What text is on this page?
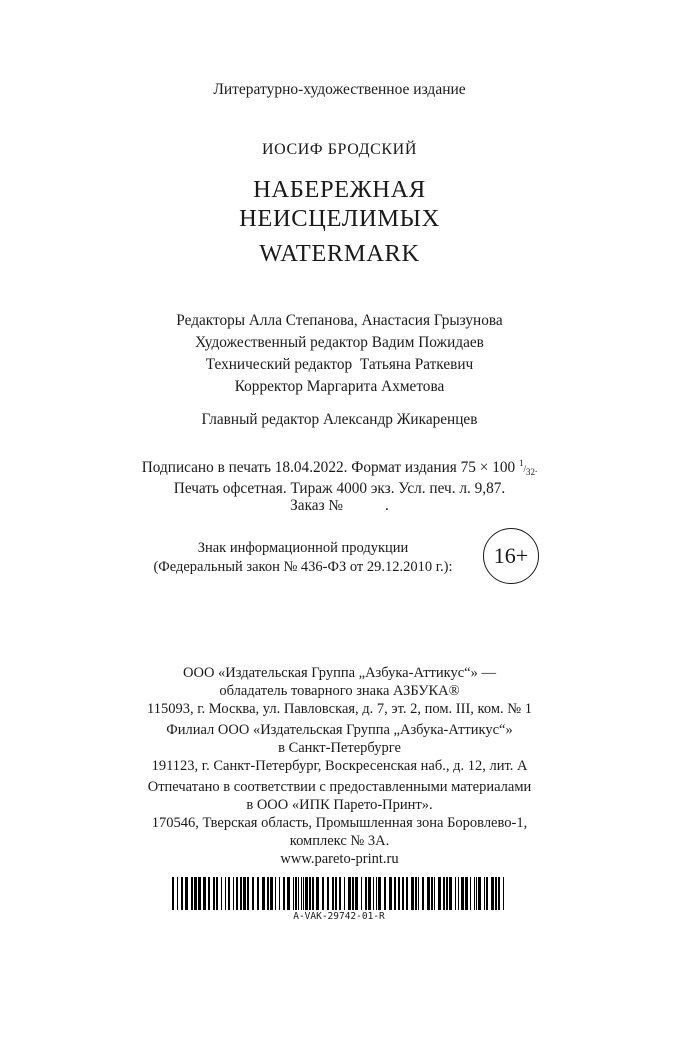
Литературно-художественное издание
ИОСИФ БРОДСКИЙ
НАБЕРЕЖНАЯ
НЕИСЦЕЛИМЫХ
WATERMARK
Редакторы Алла Степанова, Анастасия Грызунова
Художественный редактор Вадим Пожидаев
Технический редактор  Татьяна Раткевич
Корректор Маргарита Ахметова
Главный редактор Александр Жикаренцев
Подписано в печать 18.04.2022. Формат издания 75 × 100 1/32.
Печать офсетная. Тираж 4000 экз. Усл. печ. л. 9,87.
Заказ №	.
Знак информационной продукции
(Федеральный закон № 436-ФЗ от 29.12.2010 г.):	16+
ООО «Издательская Группа „Азбука-Аттикус“» —
обладатель товарного знака АЗБУКА®
115093, г. Москва, ул. Павловская, д. 7, эт. 2, пом. III, ком. № 1
Филиал ООО «Издательская Группа „Азбука-Аттикус“»
в Санкт-Петербурге
191123, г. Санкт-Петербург, Воскресенская наб., д. 12, лит. А
Отпечатано в соответствии с предоставленными материалами
в ООО «ИПК Парето-Принт».
170546, Тверская область, Промышленная зона Боровлево-1,
комплекс № 3А.
www.pareto-print.ru
A-VAK-29742-01-R
